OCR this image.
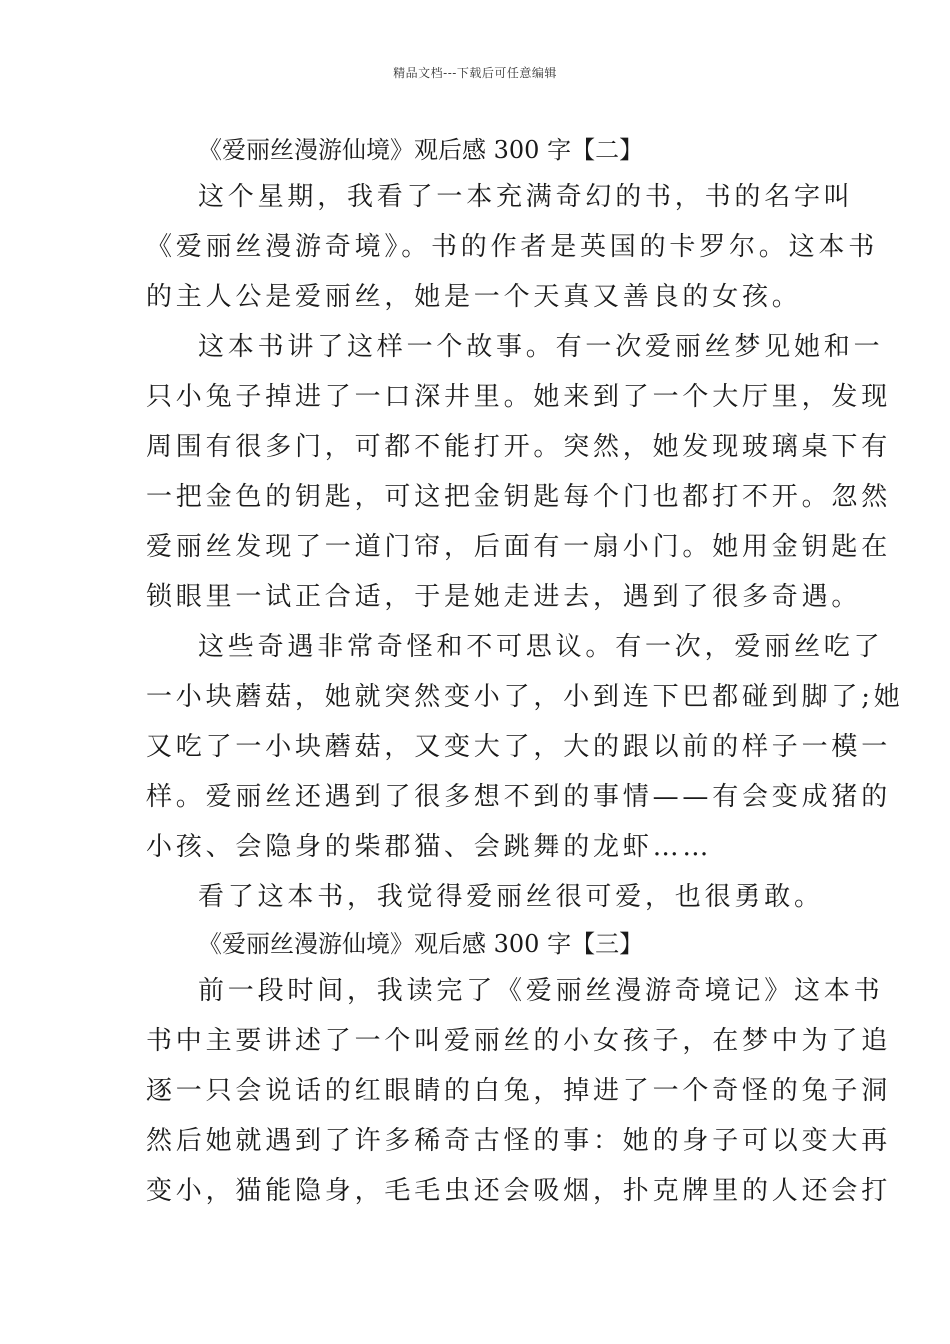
精品文档---下载后可任意编辑
《爱丽丝漫游仙境》观后感 300 字【二】
这个星期，我看了一本充满奇幻的书，书的名字叫
《爱丽丝漫游奇境》。书的作者是英国的卡罗尔。这本书
的主人公是爱丽丝，她是一个天真又善良的女孩。
这本书讲了这样一个故事。有一次爱丽丝梦见她和一
只小兔子掉进了一口深井里。她来到了一个大厅里，发现
周围有很多门，可都不能打开。突然，她发现玻璃桌下有
一把金色的钥匙，可这把金钥匙每个门也都打不开。忽然
爱丽丝发现了一道门帘，后面有一扇小门。她用金钥匙在
锁眼里一试正合适，于是她走进去，遇到了很多奇遇。
这些奇遇非常奇怪和不可思议。有一次，爱丽丝吃了
一小块蘑菇，她就突然变小了，小到连下巴都碰到脚了;她
又吃了一小块蘑菇，又变大了，大的跟以前的样子一模一
样。爱丽丝还遇到了很多想不到的事情——有会变成猪的
小孩、会隐身的柴郡猫、会跳舞的龙虾……
看了这本书，我觉得爱丽丝很可爱，也很勇敢。
《爱丽丝漫游仙境》观后感 300 字【三】
前一段时间，我读完了《爱丽丝漫游奇境记》这本书
书中主要讲述了一个叫爱丽丝的小女孩子，在梦中为了追
逐一只会说话的红眼睛的白兔，掉进了一个奇怪的兔子洞
然后她就遇到了许多稀奇古怪的事：她的身子可以变大再
变小，猫能隐身，毛毛虫还会吸烟，扑克牌里的人还会打
